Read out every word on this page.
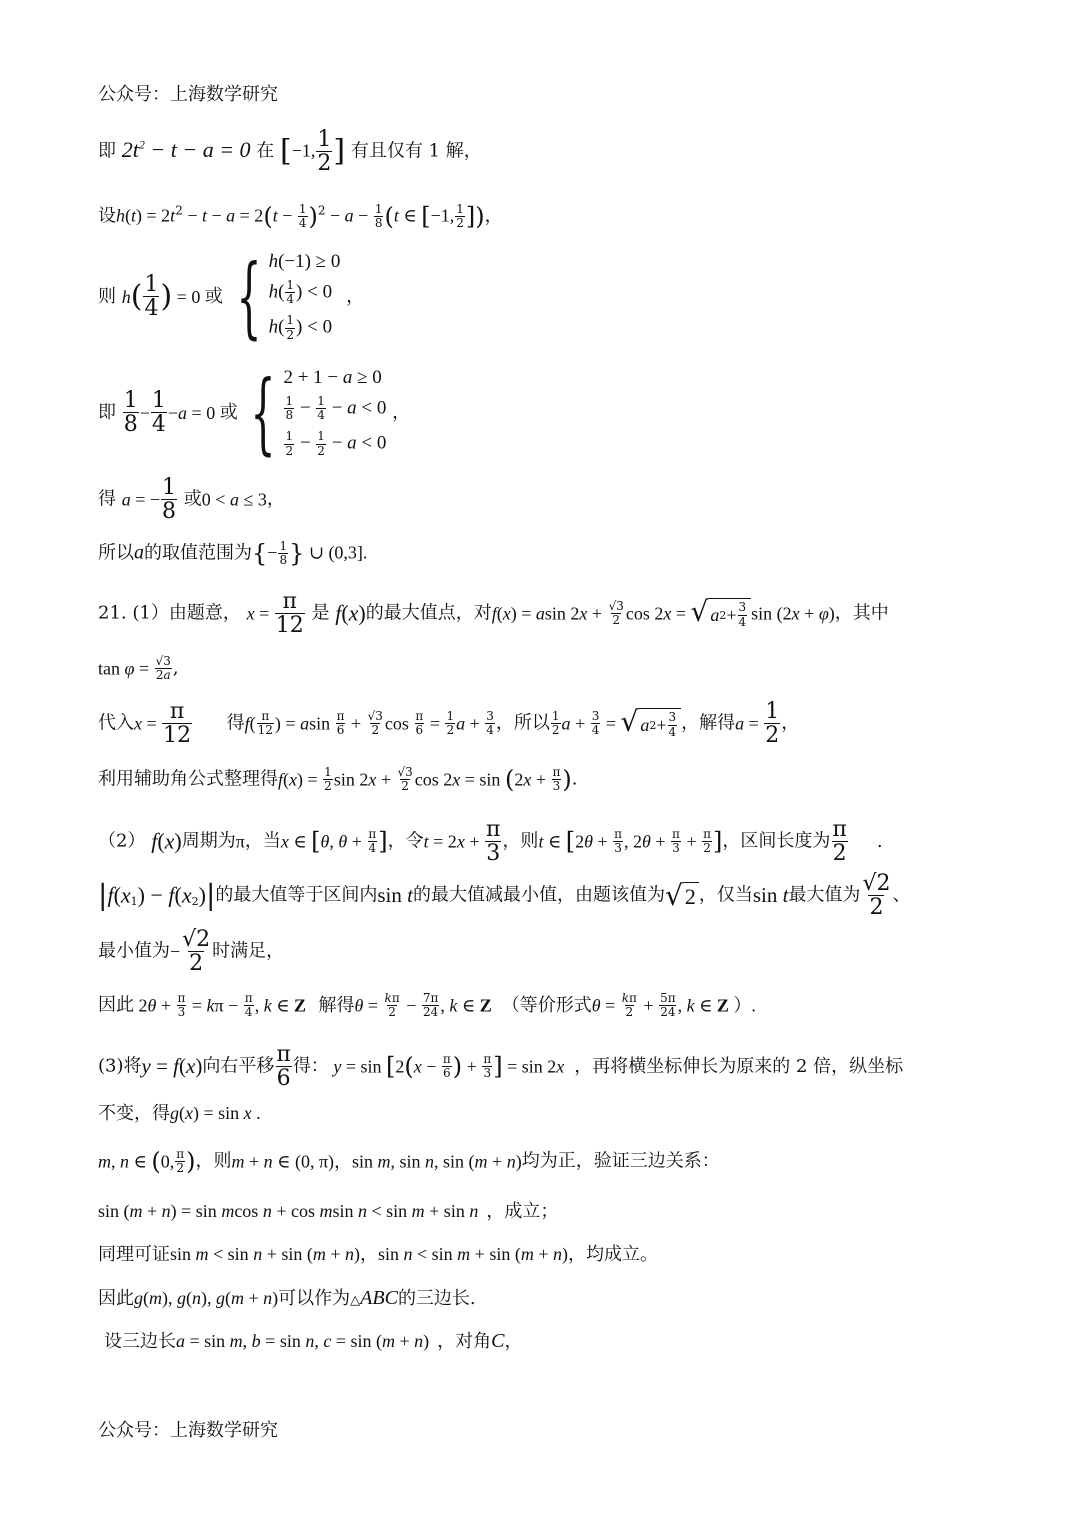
公众号：上海数学研究
即 $2t^2 - t - a = 0$ 在 [−1, $\frac{1}{2}$ ] 有且仅有 1 解，
设$h(t) = 2t^2 - t - a = 2(t - \frac{1}{4} )^2 - a - \frac{1}{8} (t$ ∈ [−1, $\frac{1}{2}$ ])，
则 $h( \frac{1}{4}$ ) = 0 或 { h(−1) ≥ 0
$h( \frac{1}{4}$ ) < 0
$h( \frac{1}{2}$ ) < 0
，
即 $\frac{1}{8} - \frac{1}{4} -a = 0$ 或 { 2 + 1 − a ≥ 0
$\frac{1}{8} - \frac{1}{4} - a < 0$
$\frac{1}{2} - \frac{1}{2} - a < 0$
，
得 a = − $\frac{1}{8}$ 或0 < a ≤ 3，
所以a的取值范围为{− $\frac{1}{8}$ } ∪ (0,3].
21. (1）由题意， $x = \frac{\pi}{12}$ 是 f(x)的最大值点，对f(x) = asin $2x + \frac{√3}{2}$ cos 2x = √ a $2 + \frac{3}{4}$ sin (2x + φ)，其中
$\tan \varphi = \frac{√3}{2a}$ ,
代入$x = \frac{\pi}{12}$ 得$f( \frac{\pi}{12}$ ) = asin $\frac{\pi}{6} + \frac{√3}{2}$ $\cos \frac{\pi}{6} = \frac{1}{2}$ $a + \frac{3}{4}$ ，所以 $\frac{1}{2}$ $a + \frac{3}{4}$ = √ a $2 + \frac{3}{4}$ ，解得$a = \frac{1}{2}$ ，
利用辅助角公式整理得$f(x) = \frac{1}{2}$ $\sin 2x + \frac{√3}{2}$ $\cos 2x = \sin (2x + \frac{\pi}{3}$ ).
（2） f(x)周期为π，当x ∈ [θ, $\theta + \frac{\pi}{4}$ ]，令$t = 2x + \frac{\pi}{3}$ ，则t ∈ [$2\theta + \frac{\pi}{3}$ , $2\theta + \frac{\pi}{3} + \frac{\pi}{2}$ ]，区间长度为 $\frac{\pi}{2}$ .
$|f(x_1) - f(x_2)|$的最大值等于区间内sin t的最大值减最小值，由题该值为 √ 2 ，仅当sin t最大值为 $\frac{√2}{2}$ 、
最小值为− $\frac{√2}{2}$ 时满足，
因此 $2\theta + \frac{\pi}{3} = k\pi - \frac{\pi}{4}$ , k ∈ Z 解得$\theta = \frac{k\pi}{2} - \frac{7\pi}{24}$ , k ∈ Z （等价形式$\theta = \frac{k\pi}{2} + \frac{5\pi}{24}$ , k ∈ Z ）.
(3)将y = f(x)向右平移 $\frac{\pi}{6}$ 得： $y = \sin [2(x - \frac{\pi}{6}$ ) + $\frac{\pi}{3}$ ] = sin 2x ，再将横坐标伸长为原来的 2 倍，纵坐标
不变，得g(x) = sin x .
m, n ∈ (0, $\frac{\pi}{2}$ )，则m + n ∈ (0, π)，sin m, sin n, sin (m + n)均为正，验证三边关系：
sin (m + n) = sin mcos n + cos msin n < sin m + sin n ，成立；
同理可证sin m < sin n + sin (m + n)，sin n < sin m + sin (m + n)，均成立。
因此g(m), g(n), g(m + n)可以作为△ABC的三边长.
设三边长a = sin m, b = sin n, c = sin (m + n) ，对角C，
公众号：上海数学研究
